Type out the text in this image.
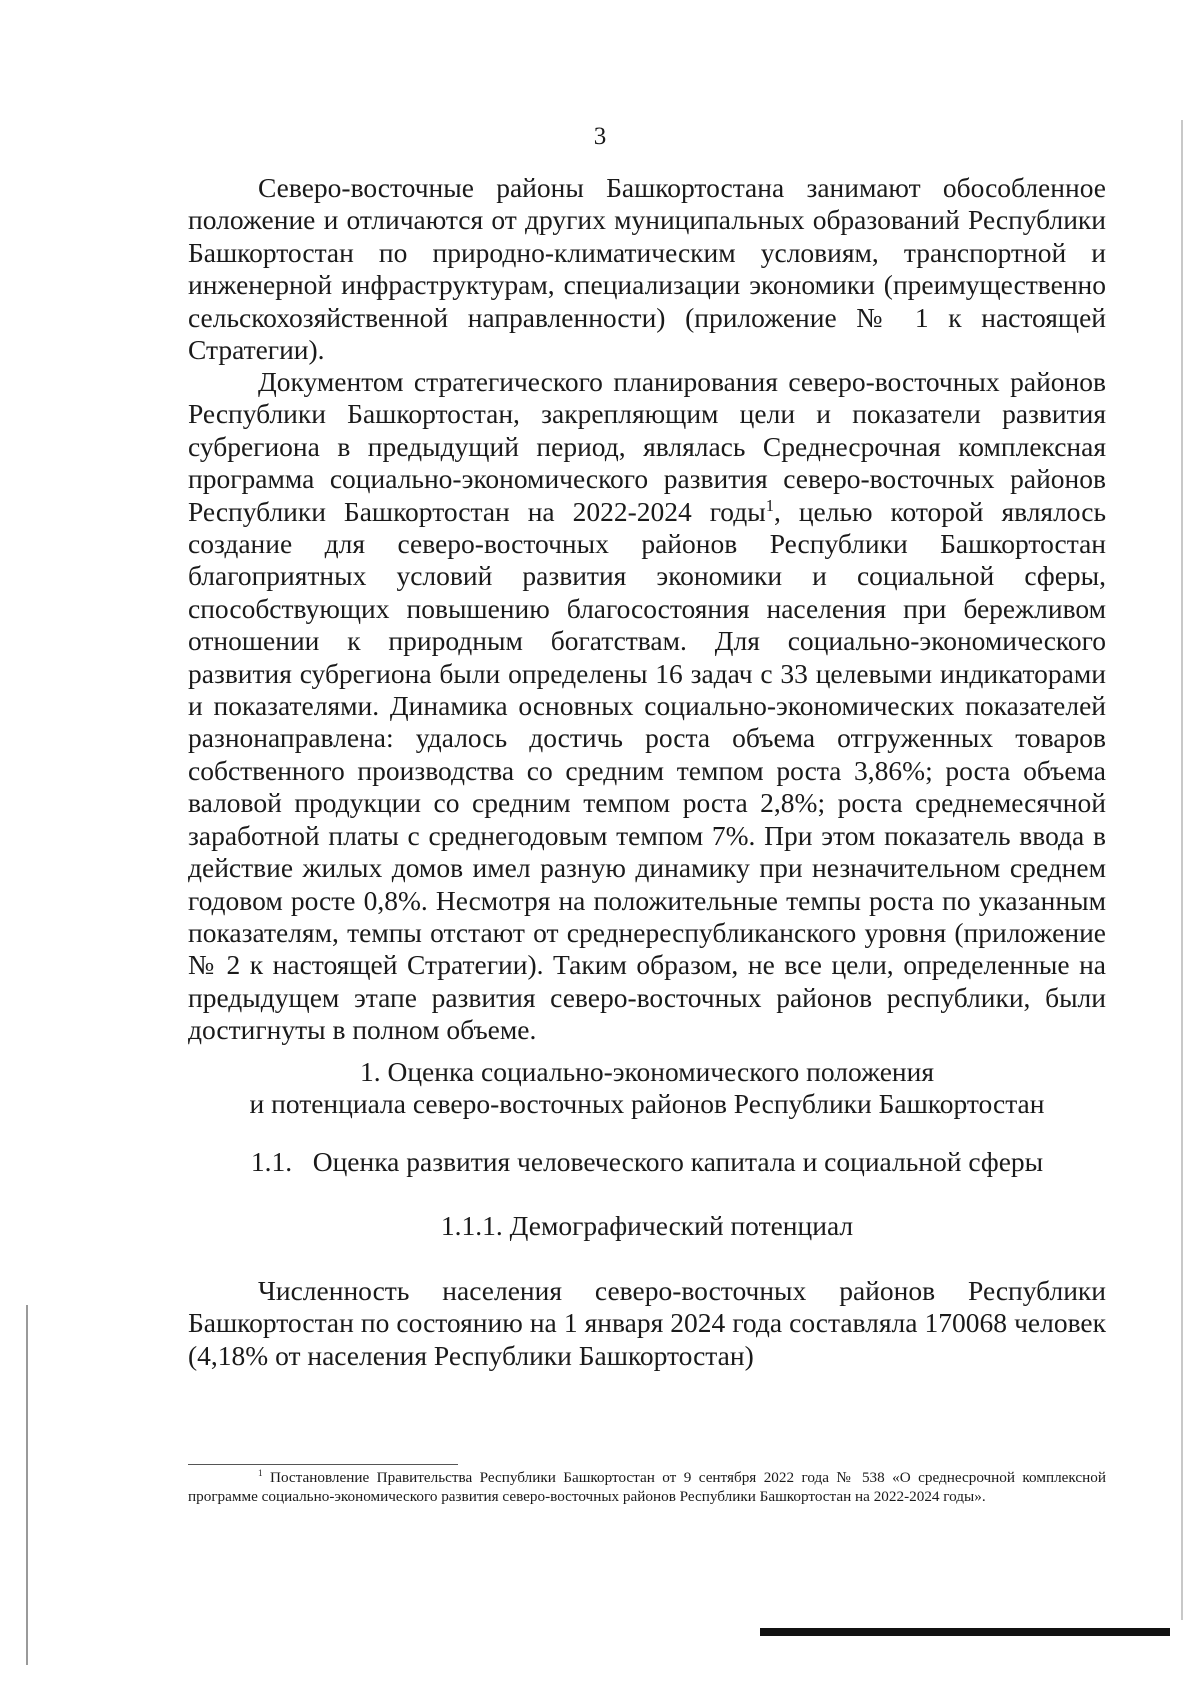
3

Северо-восточные районы Башкортостана занимают обособленное положение и отличаются от других муниципальных образований Республики Башкортостан по природно-климатическим условиям, транспортной и инженерной инфраструктурам, специализации экономики (преимущественно сельскохозяйственной направленности) (приложение № 1 к настоящей Стратегии).

Документом стратегического планирования северо-восточных районов Республики Башкортостан, закрепляющим цели и показатели развития субрегиона в предыдущий период, являлась Среднесрочная комплексная программа социально-экономического развития северо-восточных районов Республики Башкортостан на 2022-2024 годы$^1$, целью которой являлось создание для северо-восточных районов Республики Башкортостан благоприятных условий развития экономики и социальной сферы, способствующих повышению благосостояния населения при бережливом отношении к природным богатствам. Для социально-экономического развития субрегиона были определены 16 задач с 33 целевыми индикаторами и показателями. Динамика основных социально-экономических показателей разнонаправлена: удалось достичь роста объема отгруженных товаров собственного производства со средним темпом роста 3,86%; роста объема валовой продукции со средним темпом роста 2,8%; роста среднемесячной заработной платы с среднегодовым темпом 7%. При этом показатель ввода в действие жилых домов имел разную динамику при незначительном среднем годовом росте 0,8%. Несмотря на положительные темпы роста по указанным показателям, темпы отстают от среднереспубликанского уровня (приложение № 2 к настоящей Стратегии). Таким образом, не все цели, определенные на предыдущем этапе развития северо-восточных районов республики, были достигнуты в полном объеме.

1. Оценка социально-экономического положения
и потенциала северо-восточных районов Республики Башкортостан
1.1.   Оценка развития человеческого капитала и социальной сферы
1.1.1. Демографический потенциал

Численность населения северо-восточных районов Республики Башкортостан по состоянию на 1 января 2024 года составляла 170068 человек (4,18% от населения Республики Башкортостан)

$^1$ Постановление Правительства Республики Башкортостан от 9 сентября 2022 года № 538 «О среднесрочной комплексной программе социально-экономического развития северо-восточных районов Республики Башкортостан на 2022-2024 годы».
